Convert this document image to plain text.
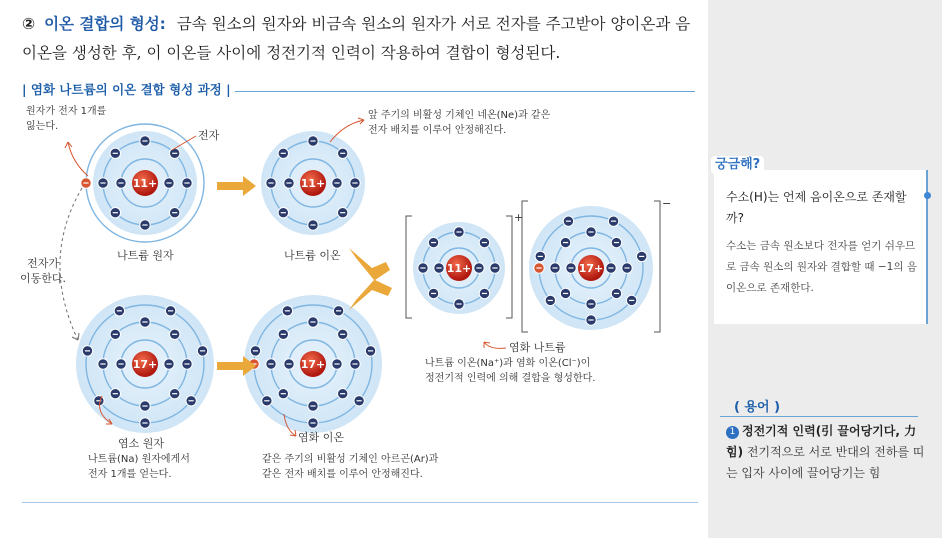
② 이온 결합의 형성: 금속 원소의 원자와 비금속 원소의 원자가 서로 전자를 주고받아 양이온과 음이온을 생성한 후, 이 이온들 사이에 정전기적 인력이 작용하여 결합이 형성된다.
| 염화 나트륨의 이온 결합 형성 과정 |
11+	11+
17+	17+
11+	17+
원자가 전자 1개를
잃는다.
전자
앞 주기의 비활성 기체인 네온(Ne)과 같은
전자 배치를 이루어 안정해진다.
나트륨 원자	나트륨 이온
전자가
이동한다.
염화 나트륨
나트륨 이온(Na⁺)과 염화 이온(Cl⁻)이
정전기적 인력에 의해 결합을 형성한다.
염소 원자
나트륨(Na) 원자에게서
전자 1개를 얻는다.
염화 이온
같은 주기의 비활성 기체인 아르곤(Ar)과
같은 전자 배치를 이루어 안정해진다.
+
−
궁금해?
수소(H)는 언제 음이온으로 존재할까?
수소는 금속 원소보다 전자를 얻기 쉬우므로 금속 원소의 원자와 결합할 때 −1의 음이온으로 존재한다.
( 용어 )
1 정전기적 인력(引 끌어당기다, 力 힘) 전기적으로 서로 반대의 전하를 띠는 입자 사이에 끌어당기는 힘
